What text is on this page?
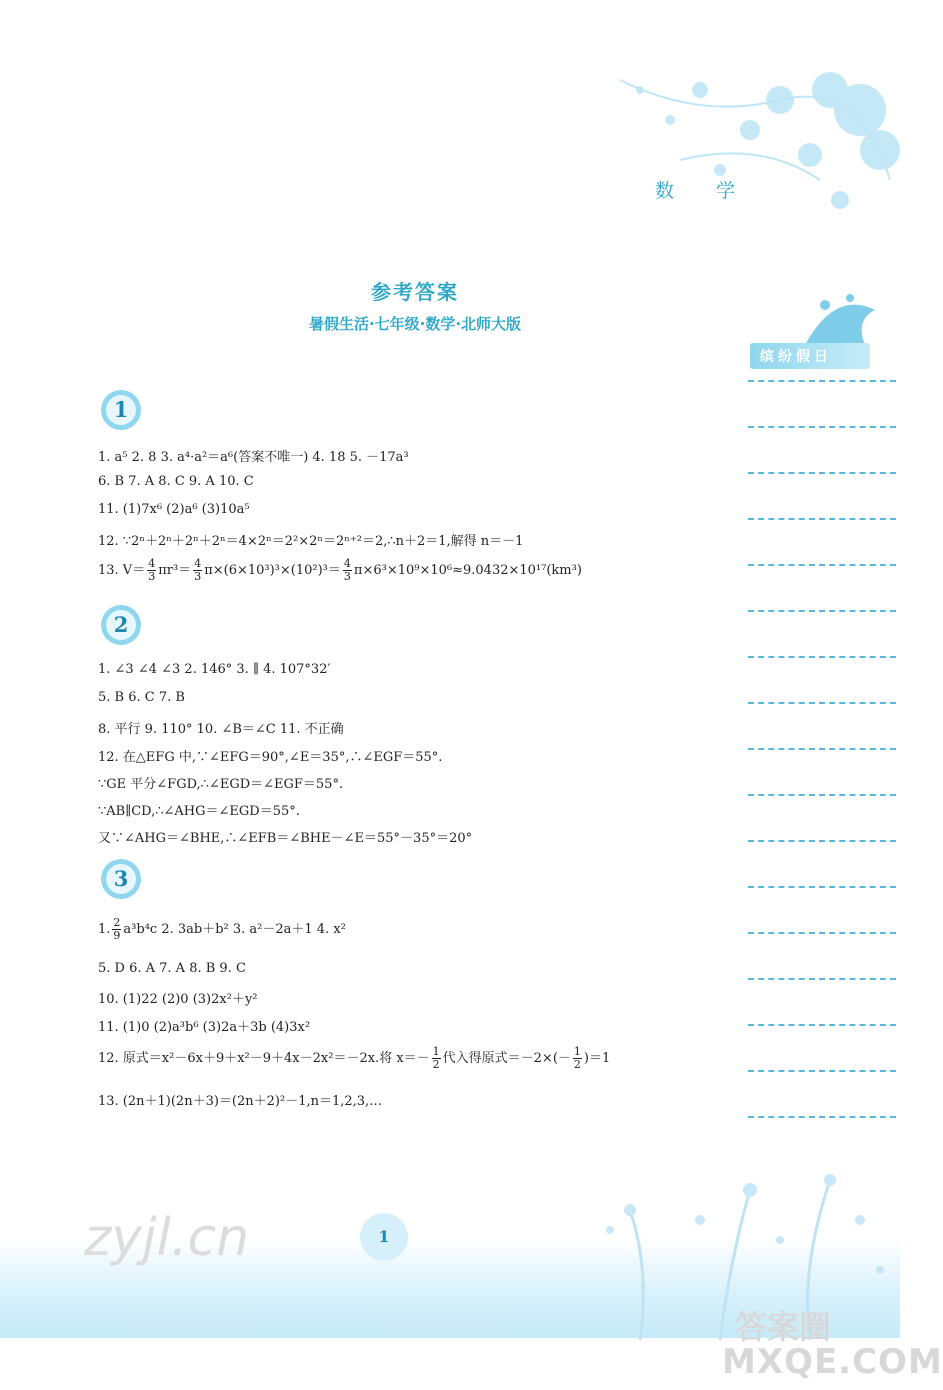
数 学
参考答案
暑假生活·七年级·数学·北师大版
缤纷假日
1
1. a⁵ 2. 8 3. a⁴·a²＝a⁶(答案不唯一) 4. 18 5. －17a³
6. B 7. A 8. C 9. A 10. C
11. (1)7x⁶ (2)a⁶ (3)10a⁵
12. ∵2ⁿ＋2ⁿ＋2ⁿ＋2ⁿ＝4×2ⁿ＝2²×2ⁿ＝2ⁿ⁺²＝2,∴n＋2＝1,解得 n＝－1
13. $V= \frac{4}{3} \pi r^3= \frac{4}{3} \pi\times(6\times 10^3)^3\times(10^2)^3= \frac{4}{3} \pi\times 6^3\times 10^9\times 10^6\approx 9.0432\times 10^{17}(km^3)$
2
1. ∠3 ∠4 ∠3 2. 146° 3. ∥ 4. 107°32′
5. B 6. C 7. B
8. 平行 9. 110° 10. ∠B＝∠C 11. 不正确
12. 在△EFG 中,∵∠EFG＝90°,∠E＝35°,∴∠EGF＝55°.
∵GE 平分∠FGD,∴∠EGD＝∠EGF＝55°.
∵AB∥CD,∴∠AHG＝∠EGD＝55°.
又∵∠AHG＝∠BHE,∴∠EFB＝∠BHE－∠E＝55°－35°＝20°
3
1. $\frac{2}{9} a^3b^4c$ 2. 3ab＋b² 3. a²－2a＋1 4. x²
5. D 6. A 7. A 8. B 9. C
10. (1)22 (2)0 (3)2x²＋y²
11. (1)0 (2)a³b⁶ (3)2a＋3b (4)3x²
12. 原式＝x²－6x＋9＋x²－9＋4x－2x²＝－2x.将 $x=- \frac{1}{2}$ 代入得原式$=-2\times(- \frac{1}{2} )=1$
13. (2n＋1)(2n＋3)＝(2n＋2)²－1,n＝1,2,3,…
1
zyjl.cn
答案圈
MXQE.COM
